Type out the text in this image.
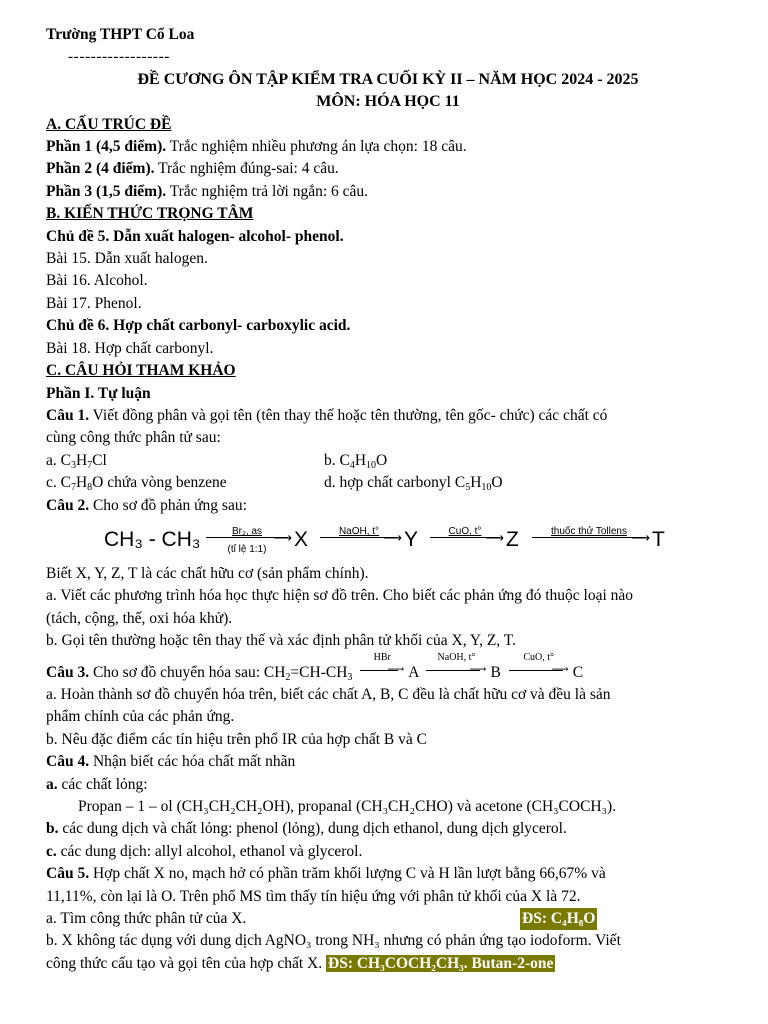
Trường THPT Cổ Loa
------------------
ĐỀ CƯƠNG ÔN TẬP KIỂM TRA CUỐI KỲ II – NĂM HỌC 2024 - 2025
MÔN: HÓA HỌC 11
A. CẤU TRÚC ĐỀ
Phần 1 (4,5 điểm). Trắc nghiệm nhiều phương án lựa chọn: 18 câu.
Phần 2 (4 điểm). Trắc nghiệm đúng-sai: 4 câu.
Phần 3 (1,5 điểm). Trắc nghiệm trả lời ngắn: 6 câu.
B. KIẾN THỨC TRỌNG TÂM
Chủ đề 5. Dẫn xuất halogen- alcohol- phenol.
Bài 15. Dẫn xuất halogen.
Bài 16. Alcohol.
Bài 17. Phenol.
Chủ đề 6. Hợp chất carbonyl- carboxylic acid.
Bài 18. Hợp chất carbonyl.
C. CÂU HỎI THAM KHẢO
Phần I. Tự luận
Câu 1. Viết đồng phân và gọi tên (tên thay thế hoặc tên thường, tên gốc- chức) các chất có
cùng công thức phân tử sau:
a. $C_3H_7Cl$	b. $C_4H_{10}O$
c. $C_7H_8O$ chứa vòng benzene	d. hợp chất carbonyl $C_5H_{10}O$
Câu 2. Cho sơ đồ phản ứng sau:
CH₃ - CH₃	Br₂, as ⟶
(tỉ lệ 1:1)	X	NaOH, t° ⟶ Y	CuO, t° ⟶ Z	thuốc thử Tollens ⟶ T
Biết X, Y, Z, T là các chất hữu cơ (sản phẩm chính).
a. Viết các phương trình hóa học thực hiện sơ đồ trên. Cho biết các phản ứng đó thuộc loại nào
(tách, cộng, thế, oxi hóa khử).
b. Gọi tên thường hoặc tên thay thế và xác định phân tử khối của X, Y, Z, T.
Câu 3. Cho sơ đồ chuyển hóa sau: $CH_2=CH-CH_3$
HBr
⟶ A
NaOH, t°
⟶ B
CuO, t°
⟶ C
a. Hoàn thành sơ đồ chuyển hóa trên, biết các chất A, B, C đều là chất hữu cơ và đều là sản
phẩm chính của các phản ứng.
b. Nêu đặc điểm các tín hiệu trên phổ IR của hợp chất B và C
Câu 4. Nhận biết các hóa chất mất nhãn
a. các chất lỏng:
Propan – 1 – ol (CH₃CH₂CH₂OH), propanal (CH₃CH₂CHO) và acetone (CH₃COCH₃).
b. các dung dịch và chất lỏng: phenol (lỏng), dung dịch ethanol, dung dịch glycerol.
c. các dung dịch: allyl alcohol, ethanol và glycerol.
Câu 5. Hợp chất X no, mạch hở có phần trăm khối lượng C và H lần lượt bằng 66,67% và
11,11%, còn lại là O. Trên phổ MS tìm thấy tín hiệu ứng với phân tử khối của X là 72.
a. Tìm công thức phân tử của X.	ĐS: C₄H₈O
b. X không tác dụng với dung dịch AgNO₃ trong NH₃ nhưng có phản ứng tạo iodoform. Viết
công thức cấu tạo và gọi tên của hợp chất X. ĐS: CH₃COCH₂CH₃. Butan-2-one
